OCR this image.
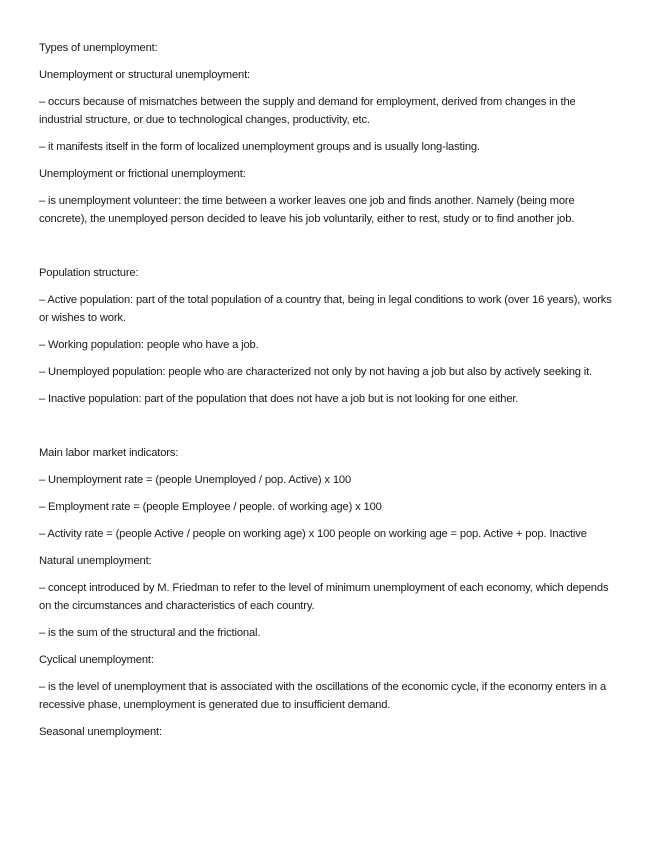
Types of unemployment:

Unemployment or structural unemployment:

– occurs because of mismatches between the supply and demand for employment, derived from changes in the industrial structure, or due to technological changes, productivity, etc.

– it manifests itself in the form of localized unemployment groups and is usually long-lasting.

Unemployment or frictional unemployment:

– is unemployment volunteer: the time between a worker leaves one job and finds another. Namely (being more concrete), the unemployed person decided to leave his job voluntarily, either to rest, study or to find another job.

Population structure:

– Active population: part of the total population of a country that, being in legal conditions to work (over 16 years), works or wishes to work.

– Working population: people who have a job.

– Unemployed population: people who are characterized not only by not having a job but also by actively seeking it.

– Inactive population: part of the population that does not have a job but is not looking for one either.

Main labor market indicators:

– Unemployment rate = (people Unemployed / pop. Active) x 100

– Employment rate = (people Employee / people. of working age) x 100

– Activity rate = (people Active / people on working age) x 100 people on working age = pop. Active + pop. Inactive

Natural unemployment:

– concept introduced by M. Friedman to refer to the level of minimum unemployment of each economy, which depends on the circumstances and characteristics of each country.

– is the sum of the structural and the frictional.

Cyclical unemployment:

– is the level of unemployment that is associated with the oscillations of the economic cycle, if the economy enters in a recessive phase, unemployment is generated due to insufficient demand.

Seasonal unemployment:
